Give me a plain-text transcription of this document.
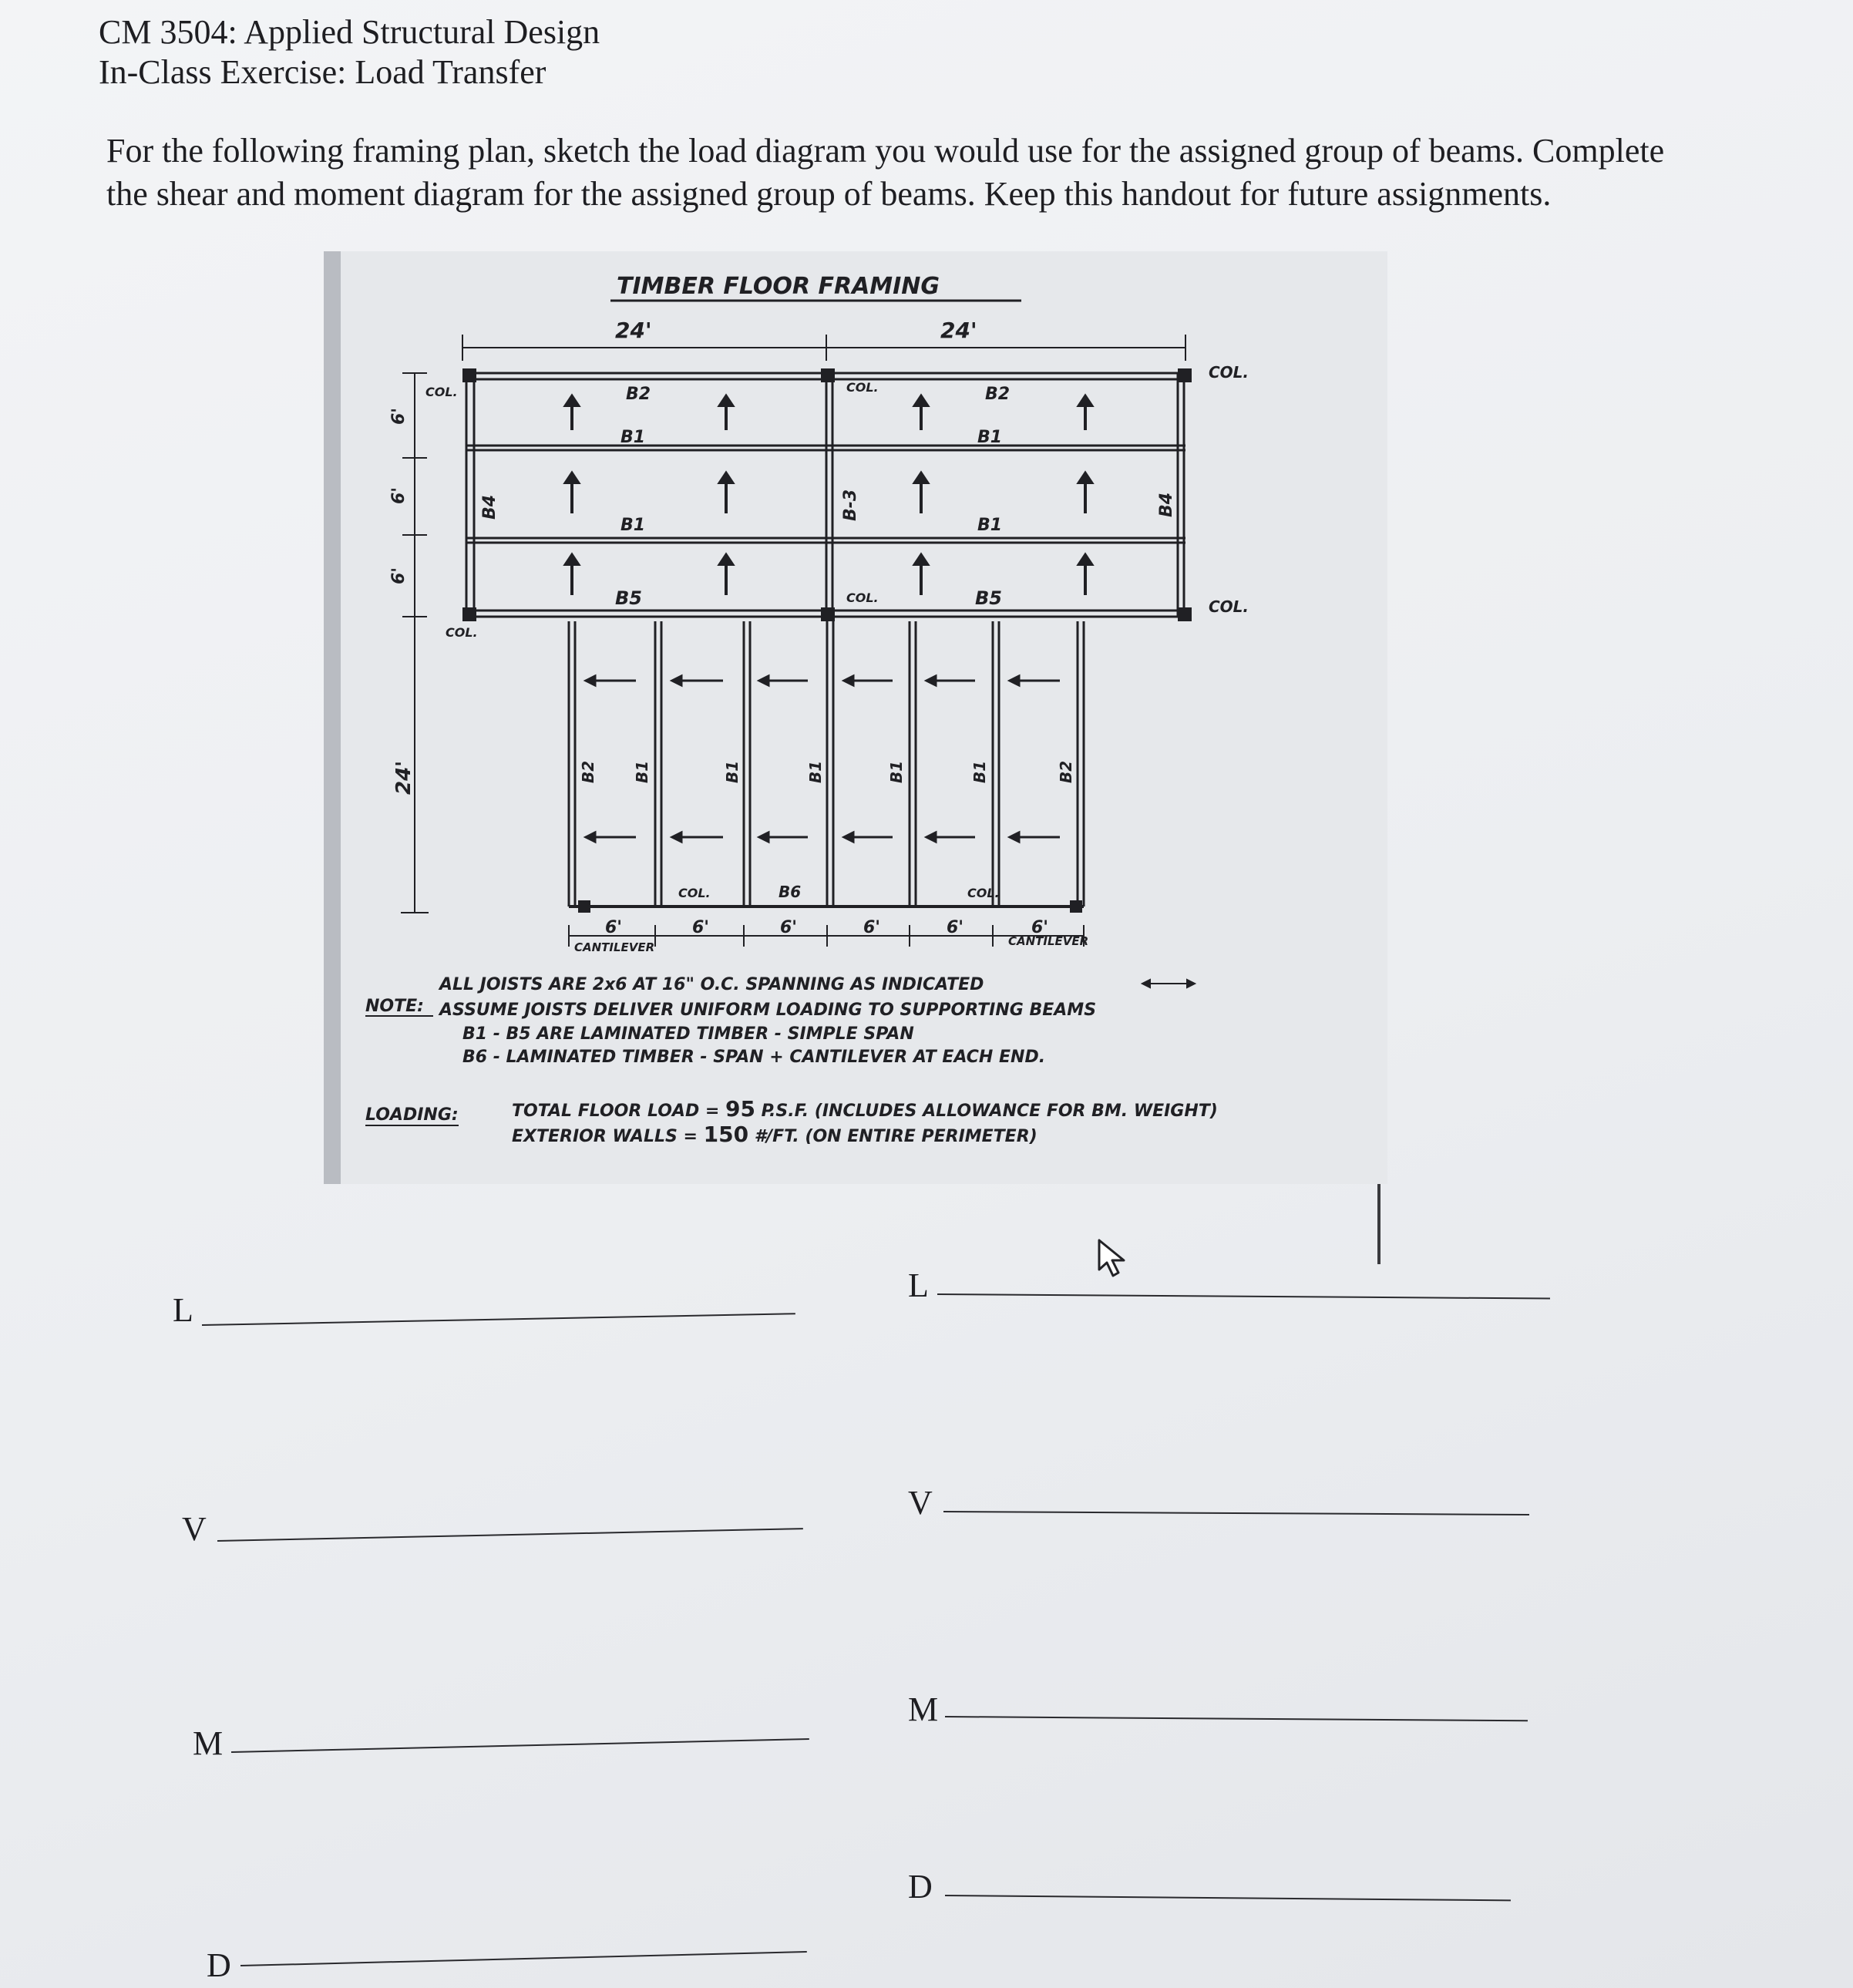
CM 3504: Applied Structural Design
In-Class Exercise: Load Transfer
For the following framing plan, sketch the load diagram you would use for the assigned group of beams. Complete the shear and moment diagram for the assigned group of beams. Keep this handout for future assignments.
TIMBER FLOOR FRAMING
24'	24'
COL.	COL.
COL.
COL.	COL.
COL.
COL.	COL.
B2	B2
B1	B1
B1	B1
B5	B5
B4	B4
B-3
6'
6'
6'
24'	B2 B1	B1	B1	B1	B1	B2
B6
6'	6'	6'	6'	6'	6'
CANTILEVER	CANTILEVER
NOTE:
ALL JOISTS ARE 2x6 AT 16" O.C. SPANNING AS INDICATED
ASSUME JOISTS DELIVER UNIFORM LOADING TO SUPPORTING BEAMS
B1 - B5 ARE LAMINATED TIMBER - SIMPLE SPAN
B6 - LAMINATED TIMBER - SPAN + CANTILEVER AT EACH END.
LOADING:	TOTAL FLOOR LOAD = 95 P.S.F. (INCLUDES ALLOWANCE FOR BM. WEIGHT)
EXTERIOR WALLS = 150 #/FT. (ON ENTIRE PERIMETER)
L
V
M
D
L
V
M
D
